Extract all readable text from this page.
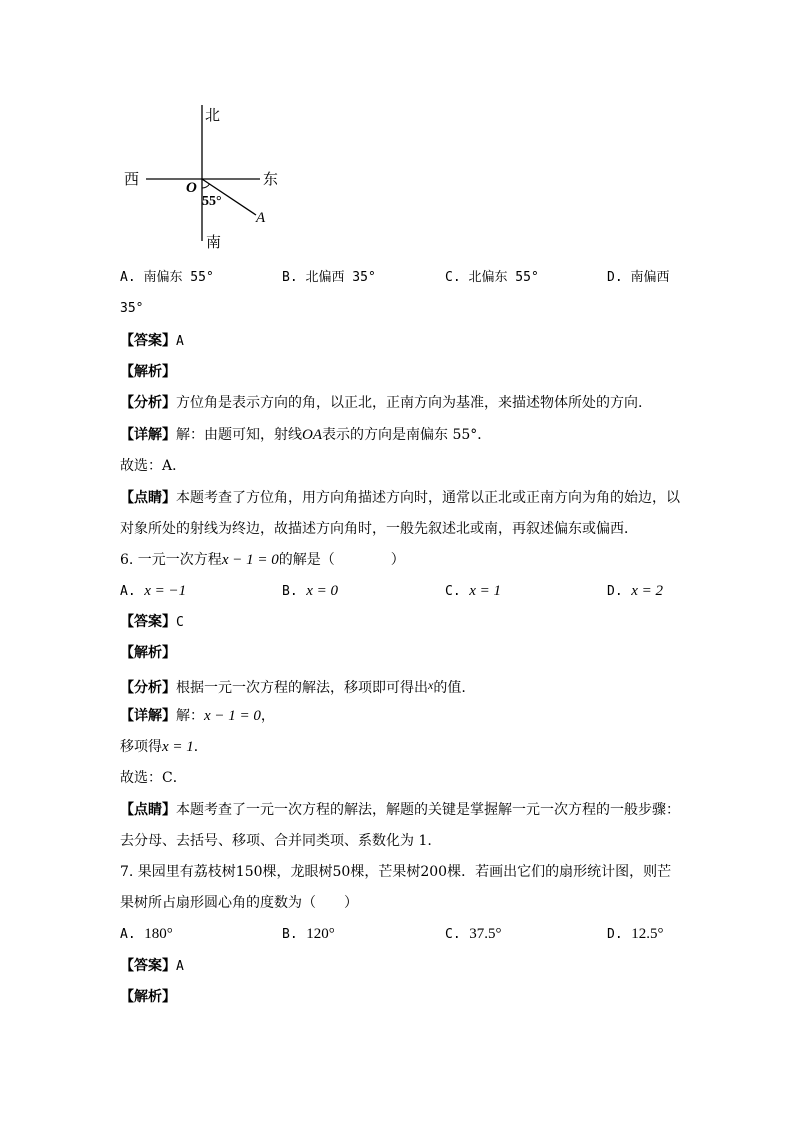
北
南
西	东
O
55°
A
A. 南偏东 55°	B. 北偏西 35°	C. 北偏东 55°	D. 南偏西
35°
【答案】A
【解析】
【分析】方位角是表示方向的角，以正北，正南方向为基准，来描述物体所处的方向.
【详解】解：由题可知，射线OA表示的方向是南偏东 55°．
故选：A．
【点睛】本题考查了方位角，用方向角描述方向时，通常以正北或正南方向为角的始边，以
对象所处的射线为终边，故描述方向角时，一般先叙述北或南，再叙述偏东或偏西．
6. 一元一次方程x − 1 = 0的解是（　　　　）
A. x = −1	B. x = 0	C. x = 1	D. x = 2
【答案】C
【解析】
【分析】根据一元一次方程的解法，移项即可得出x的值.
【详解】解：x − 1 = 0，
移项得x = 1．
故选：C．
【点睛】本题考查了一元一次方程的解法，解题的关键是掌握解一元一次方程的一般步骤：
去分母、去括号、移项、合并同类项、系数化为 1.
7. 果园里有荔枝树150棵，龙眼树50棵，芒果树200棵．若画出它们的扇形统计图，则芒
果树所占扇形圆心角的度数为（　　）
A. 180°	B. 120°	C. 37.5°	D. 12.5°
【答案】A
【解析】
